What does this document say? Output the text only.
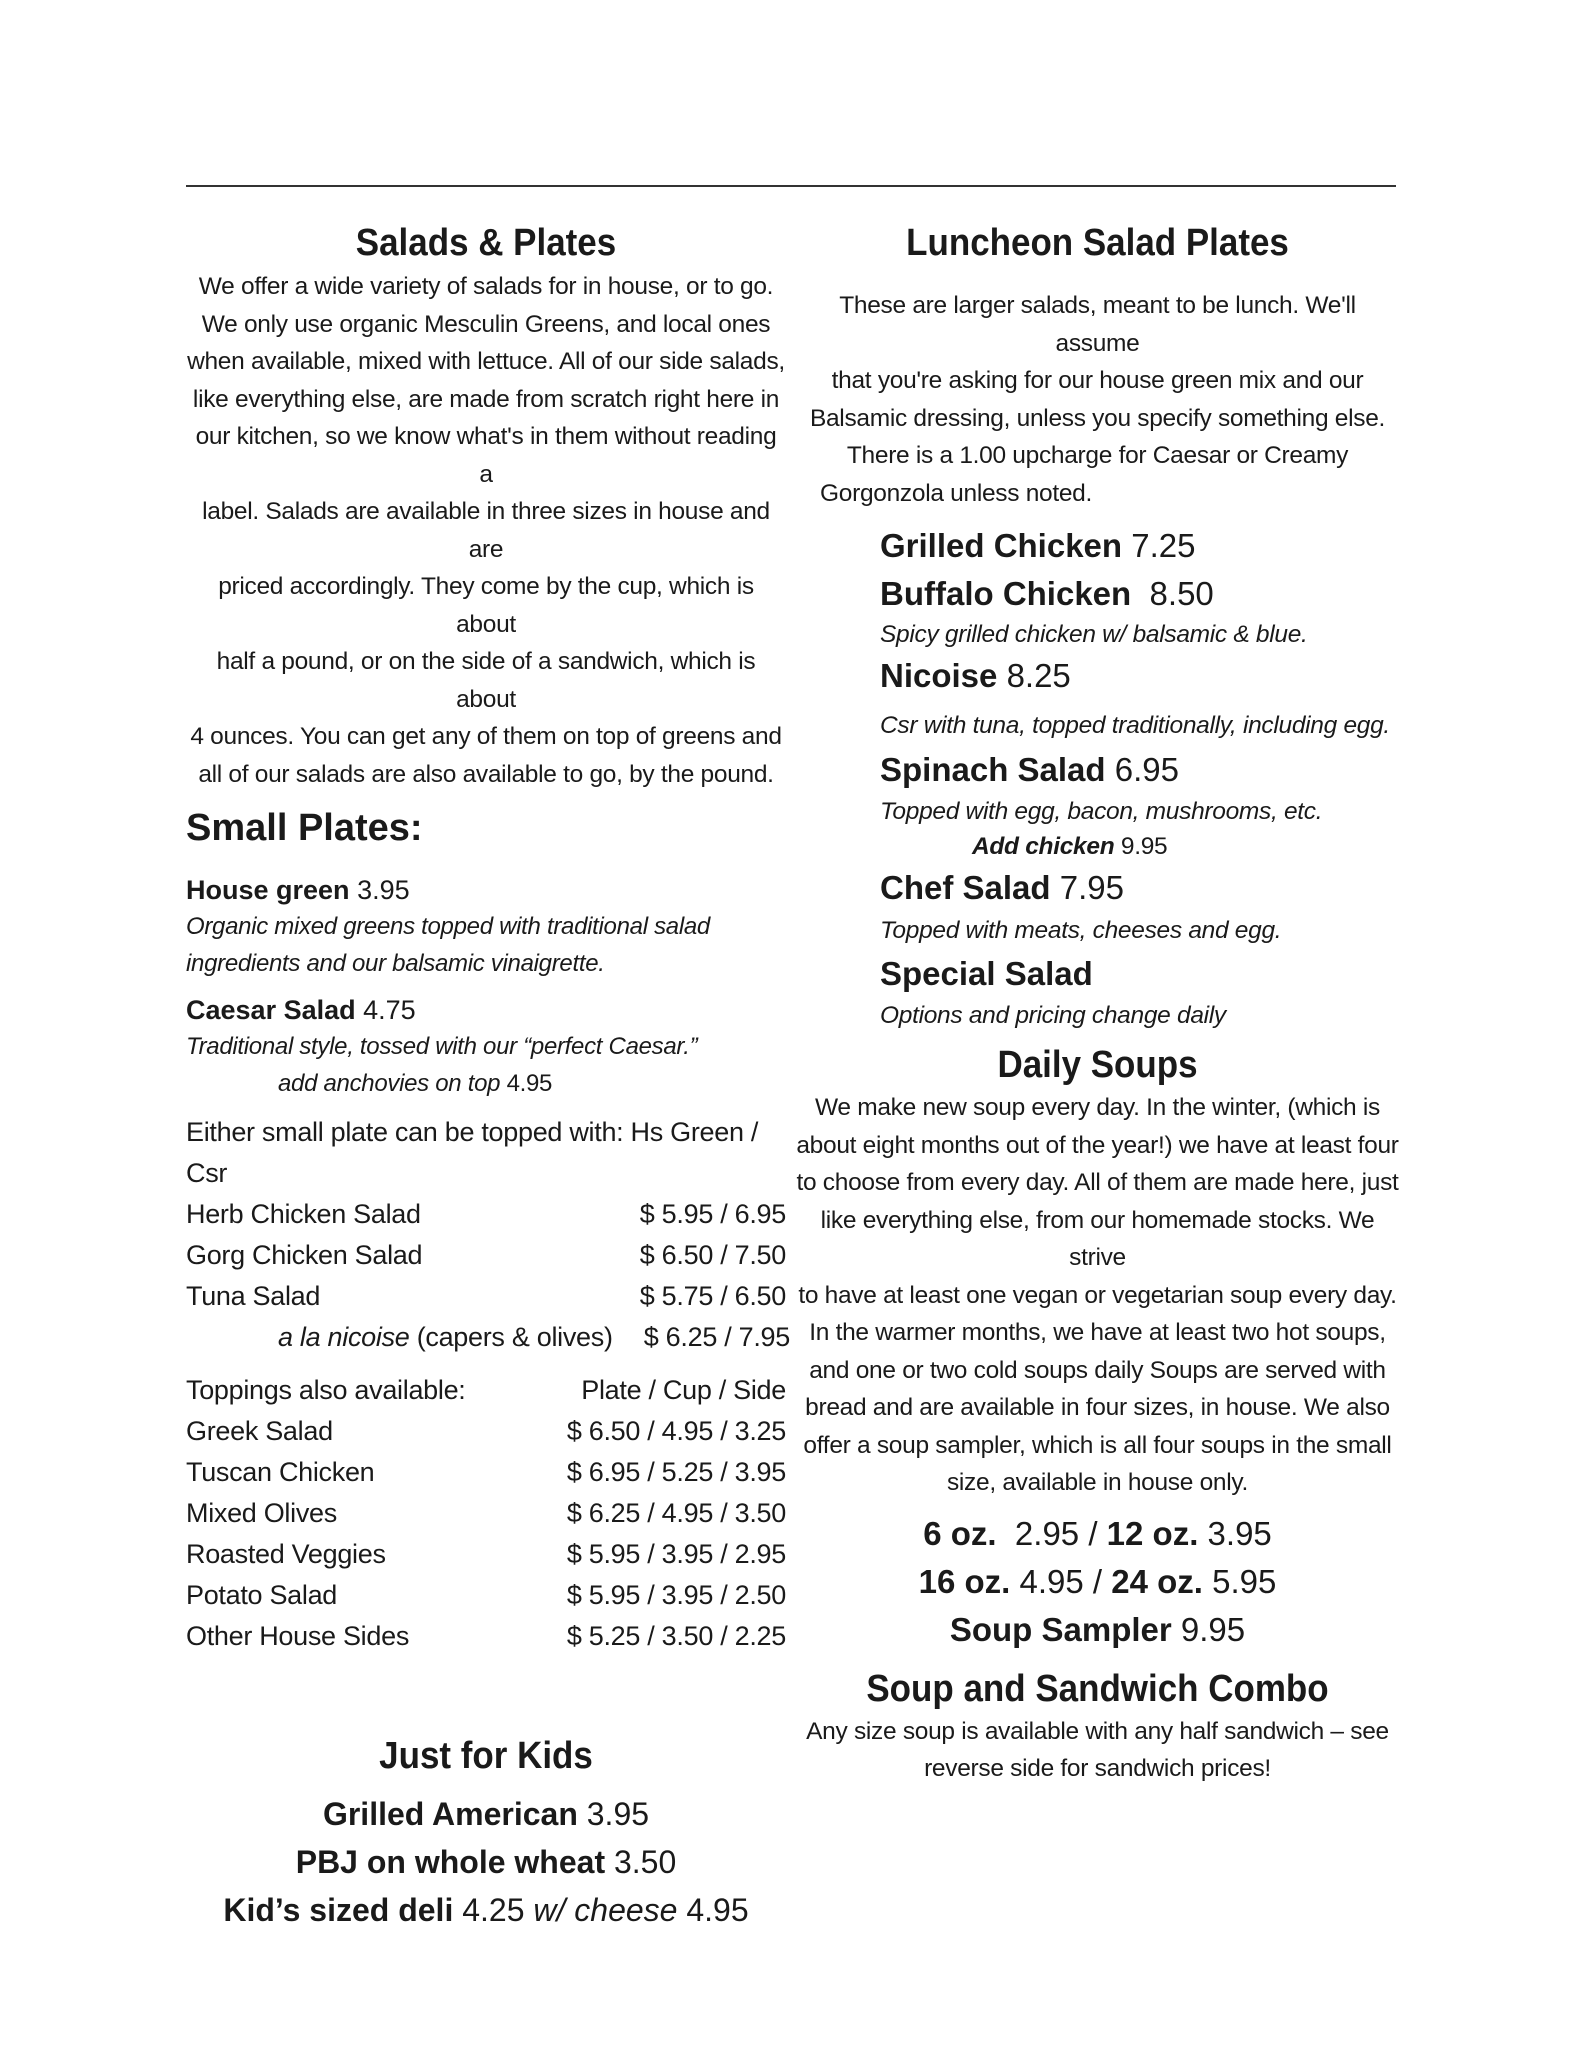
Salads & Plates

We offer a wide variety of salads for in house, or to go.

We only use organic Mesculin Greens, and local ones

when available, mixed with lettuce. All of our side salads,

like everything else, are made from scratch right here in

our kitchen, so we know what's in them without reading a

label. Salads are available in three sizes in house and are

priced accordingly. They come by the cup, which is about

half a pound, or on the side of a sandwich, which is about

4 ounces. You can get any of them on top of greens and

all of our salads are also available to go, by the pound.

Small Plates:

House green 3.95

Organic mixed greens topped with traditional salad

ingredients and our balsamic vinaigrette.

Caesar Salad 4.75

Traditional style, tossed with our “perfect Caesar.”

add anchovies on top 4.95

Either small plate can be topped with: Hs Green / Csr
Herb Chicken Salad	$ 5.95 / 6.95
Gorg Chicken Salad	$ 6.50 / 7.50
Tuna Salad	$ 5.75 / 6.50
a la nicoise (capers & olives) $ 6.25 / 7.95
Toppings also available:	Plate / Cup / Side
Greek Salad	$ 6.50 / 4.95 / 3.25
Tuscan Chicken	$ 6.95 / 5.25 / 3.95
Mixed Olives	$ 6.25 / 4.95 / 3.50
Roasted Veggies	$ 5.95 / 3.95 / 2.95
Potato Salad	$ 5.95 / 3.95 / 2.50
Other House Sides	$ 5.25 / 3.50 / 2.25
Just for Kids
Grilled American 3.95
PBJ on whole wheat 3.50
Kid’s sized deli 4.25 w/ cheese 4.95
Luncheon Salad Plates

These are larger salads, meant to be lunch. We'll assume

that you're asking for our house green mix and our

Balsamic dressing, unless you specify something else.

There is a 1.00 upcharge for Caesar or Creamy

Gorgonzola unless noted.

Grilled Chicken 7.25

Buffalo Chicken 8.50

Spicy grilled chicken w/ balsamic & blue.

Nicoise 8.25

Csr with tuna, topped traditionally, including egg.

Spinach Salad 6.95

Topped with egg, bacon, mushrooms, etc.

Add chicken 9.95

Chef Salad 7.95

Topped with meats, cheeses and egg.

Special Salad

Options and pricing change daily

Daily Soups

We make new soup every day. In the winter, (which is

about eight months out of the year!) we have at least four

to choose from every day. All of them are made here, just

like everything else, from our homemade stocks. We strive

to have at least one vegan or vegetarian soup every day.

In the warmer months, we have at least two hot soups,

and one or two cold soups daily Soups are served with

bread and are available in four sizes, in house. We also

offer a soup sampler, which is all four soups in the small

size, available in house only.

6 oz. 2.95 / 12 oz. 3.95
16 oz. 4.95 / 24 oz. 5.95
Soup Sampler 9.95
Soup and Sandwich Combo

Any size soup is available with any half sandwich – see

reverse side for sandwich prices!
